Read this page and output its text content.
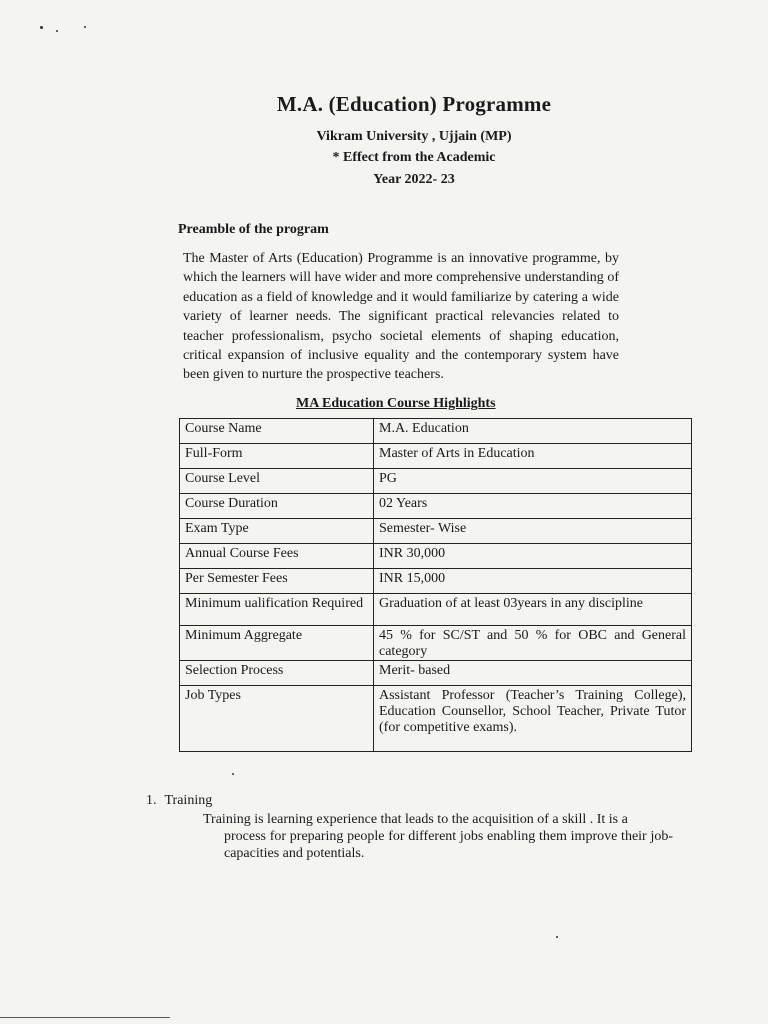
M.A. (Education) Programme
Vikram University , Ujjain (MP)
* Effect from the Academic
Year 2022- 23
Preamble of the program
The Master of Arts (Education) Programme is an innovative programme, by which the learners will have wider and more comprehensive understanding of education as a field of knowledge and it would familiarize by catering a wide variety of learner needs. The significant practical relevancies related to teacher professionalism, psycho societal elements of shaping education, critical expansion of inclusive equality and the contemporary system have been given to nurture the prospective teachers.
MA Education Course Highlights
Course Name	M.A. Education
Full-Form	Master of Arts in Education
Course Level	PG
Course Duration	02 Years
Exam Type	Semester- Wise
Annual Course Fees	INR 30,000
Per Semester Fees	INR 15,000
Minimum ualification Required	Graduation of at least 03years in any discipline
Minimum Aggregate	45 % for SC/ST and 50 % for OBC and General category
Selection Process	Merit- based
Job Types	Assistant Professor (Teacher’s Training College), Education Counsellor, School Teacher, Private Tutor (for competitive exams).
1. Training
Training is learning experience that leads to the acquisition of a skill . It is a
process for preparing people for different jobs enabling them improve their job-capacities and potentials.
